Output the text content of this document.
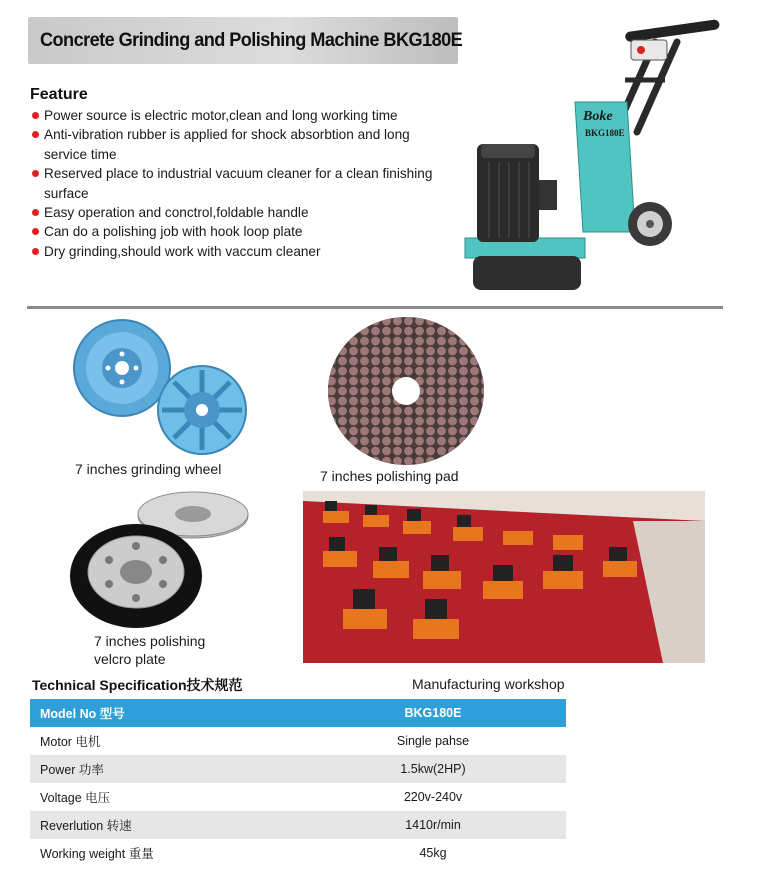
Concrete Grinding and Polishing Machine BKG180E
Feature
Power source is electric motor,clean and long working time
Anti-vibration rubber is applied for shock absorbtion and long service time
Reserved place to industrial vacuum cleaner for a clean finishing surface
Easy operation and conctrol,foldable handle
Can do a polishing job with hook loop plate
Dry grinding,should work with vaccum cleaner
Boke
BKG180E
7 inches grinding wheel	7 inches polishing pad
7 inches polishing
velcro plate
Manufacturing workshop
Technical Specification技术规范
Model No 型号	BKG180E
Motor 电机	Single pahse
Power 功率	1.5kw(2HP)
Voltage 电压	220v-240v
Reverlution 转速	1410r/min
Working weight 重量	45kg
